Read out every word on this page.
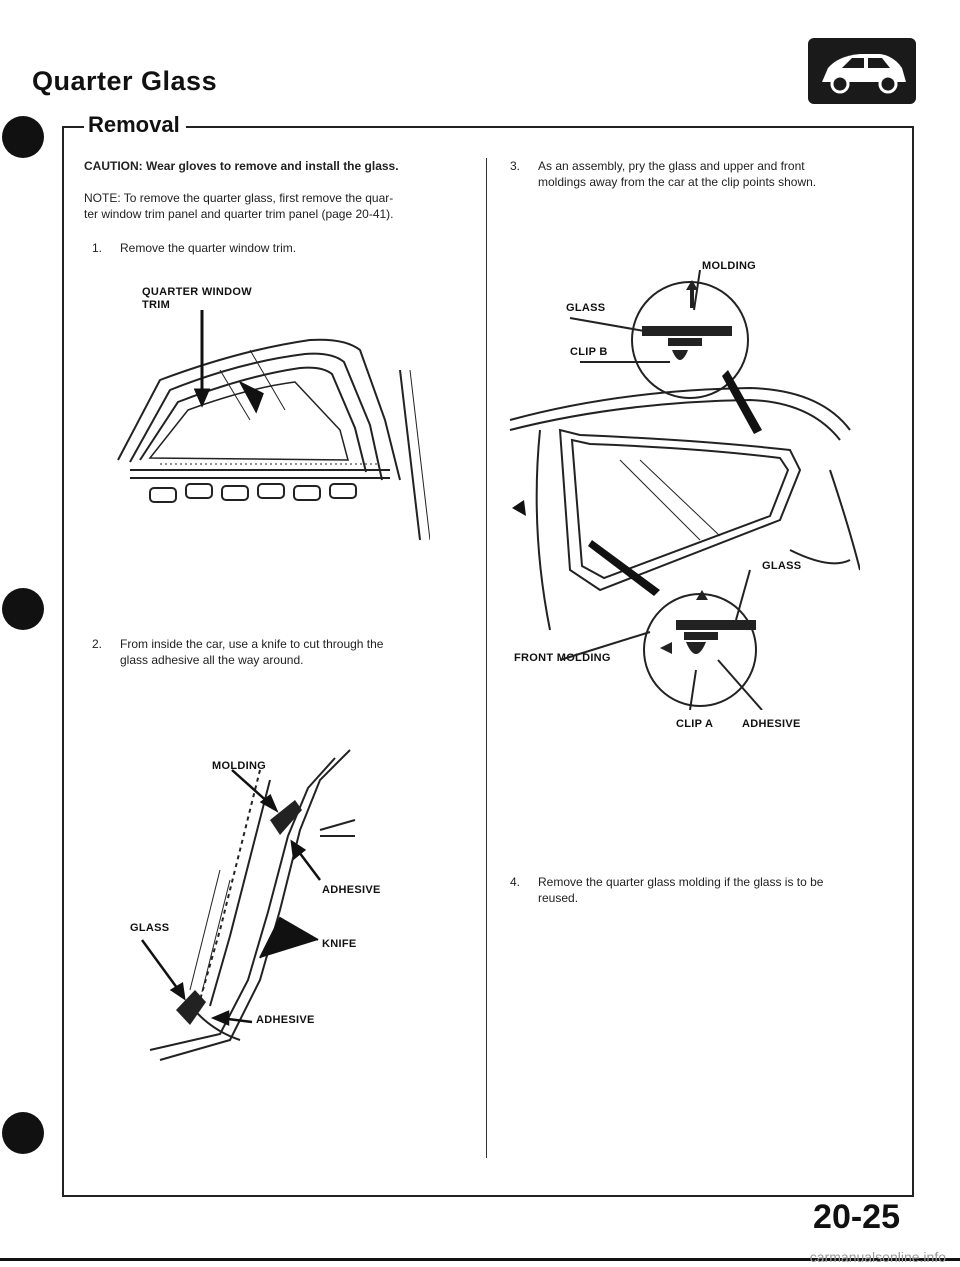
Quarter Glass
Removal
CAUTION: Wear gloves to remove and install the glass.
NOTE: To remove the quarter glass, first remove the quar-
ter window trim panel and quarter trim panel (page 20-41).
1. Remove the quarter window trim.
QUARTER WINDOW
TRIM
2. From inside the car, use a knife to cut through the
glass adhesive all the way around.
MOLDING
ADHESIVE
GLASS
KNIFE
ADHESIVE
3. As an assembly, pry the glass and upper and front
moldings away from the car at the clip points shown.
MOLDING
GLASS
CLIP B
GLASS
FRONT MOLDING
CLIP A	ADHESIVE
4. Remove the quarter glass molding if the glass is to be
reused.
20-25
carmanualsonline.info
